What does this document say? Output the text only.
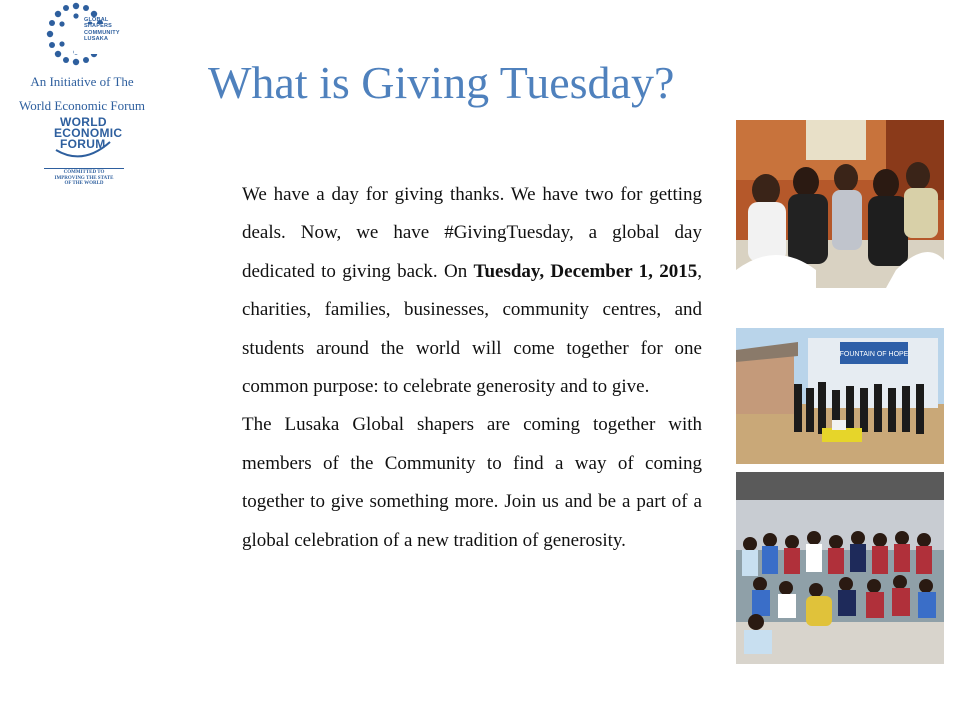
GLOBAL
SHAPERS
COMMUNITY
LUSAKA
An Initiative of The
World Economic Forum
WORLD
ECONOMIC
FORUM
COMMITTED TO
IMPROVING THE STATE
OF THE WORLD
What is Giving Tuesday?

We have a day for giving thanks. We have two for getting deals. Now, we have #GivingTuesday, a global day dedicated to giving back. On Tuesday, December 1, 2015, charities, families, businesses, community centres, and students around the world will come together for one common purpose: to celebrate generosity and to give.

The Lusaka Global shapers are coming together with members of the Community to find a way of coming together to give something more. Join us and be a part of a global celebration of a new tradition of generosity.

FOUNTAIN OF HOPE
